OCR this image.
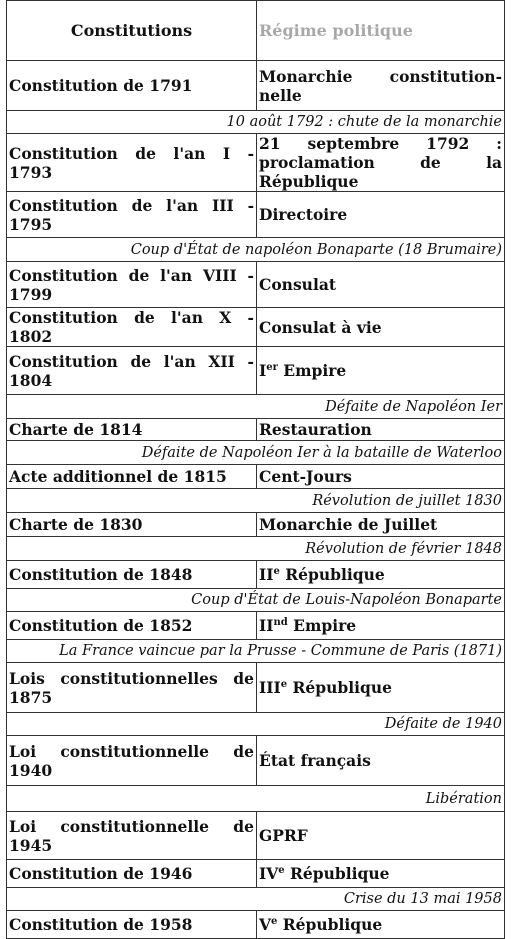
Constitutions	Régime politique
Constitution de 1791	Monarchie constitutionnelle
10 août 1792 : chute de la monarchie	
Constitution de l'an I - 1793	21 septembre 1792 : proclamation de la République
Constitution de l'an III - 1795	Directoire
Coup d'État de napoléon Bonaparte (18 Brumaire)	
Constitution de l'an VIII - 1799	Consulat
Constitution de l'an X - 1802	Consulat à vie
Constitution de l'an XII - 1804	Ier Empire
Défaite de Napoléon Ier	
Charte de 1814	Restauration
Défaite de Napoléon Ier à la bataille de Waterloo	
Acte additionnel de 1815	Cent-Jours
Révolution de juillet 1830	
Charte de 1830	Monarchie de Juillet
Révolution de février 1848	
Constitution de 1848	IIe République
Coup d'État de Louis-Napoléon Bonaparte	
Constitution de 1852	IInd Empire
La France vaincue par la Prusse - Commune de Paris (1871)	
Lois constitutionnelles de 1875	IIIe République
Défaite de 1940	
Loi constitutionnelle de 1940	État français
Libération	
Loi constitutionnelle de 1945	GPRF
Constitution de 1946	IVe République
Crise du 13 mai 1958	
Constitution de 1958	Ve République
